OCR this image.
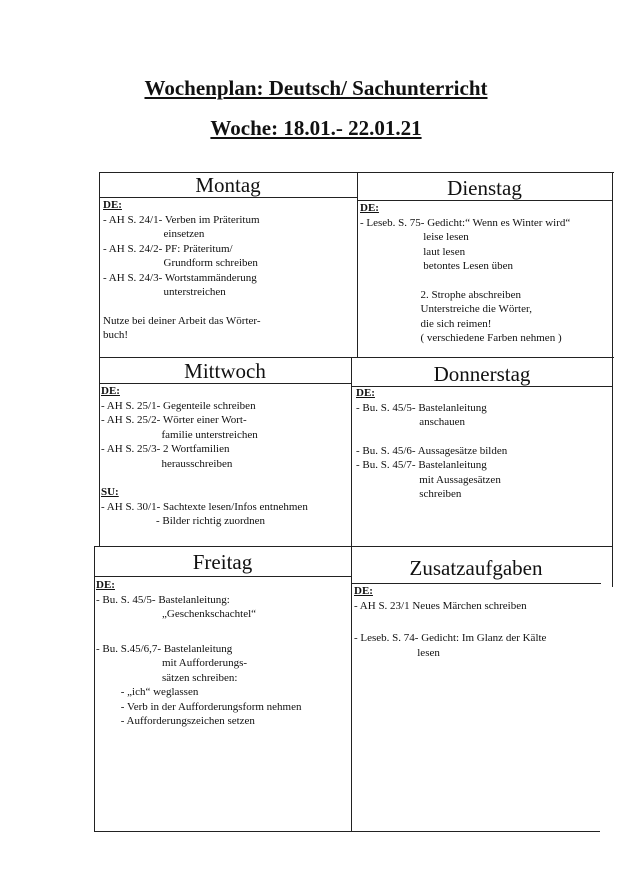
Wochenplan: Deutsch/ Sachunterricht
Woche: 18.01.- 22.01.21
Montag
DE:
- AH S. 24/1- Verben im Präteritum
einsetzen
- AH S. 24/2- PF: Präteritum/
Grundform schreiben
- AH S. 24/3- Wortstammänderung
unterstreichen
Nutze bei deiner Arbeit das Wörter-
buch!
Dienstag
DE:
- Leseb. S. 75- Gedicht:“ Wenn es Winter wird“
leise lesen
laut lesen
betontes Lesen üben
2. Strophe abschreiben
Unterstreiche die Wörter,
die sich reimen!
( verschiedene Farben nehmen )
Mittwoch
DE:
- AH S. 25/1- Gegenteile schreiben
- AH S. 25/2- Wörter einer Wort-
familie unterstreichen
- AH S. 25/3- 2 Wortfamilien
herausschreiben
SU:
- AH S. 30/1- Sachtexte lesen/Infos entnehmen
- Bilder richtig zuordnen
Donnerstag
DE:
- Bu. S. 45/5- Bastelanleitung
anschauen
- Bu. S. 45/6- Aussagesätze bilden
- Bu. S. 45/7- Bastelanleitung
mit Aussagesätzen
schreiben
Freitag
DE:
- Bu. S. 45/5- Bastelanleitung:
„Geschenkschachtel“
- Bu. S.45/6,7- Bastelanleitung
mit Aufforderungs-
sätzen schreiben:
- „ich“ weglassen
- Verb in der Aufforderungsform nehmen
- Aufforderungszeichen setzen
Zusatzaufgaben
DE:
- AH S. 23/1 Neues Märchen schreiben
- Leseb. S. 74- Gedicht: Im Glanz der Kälte
lesen
